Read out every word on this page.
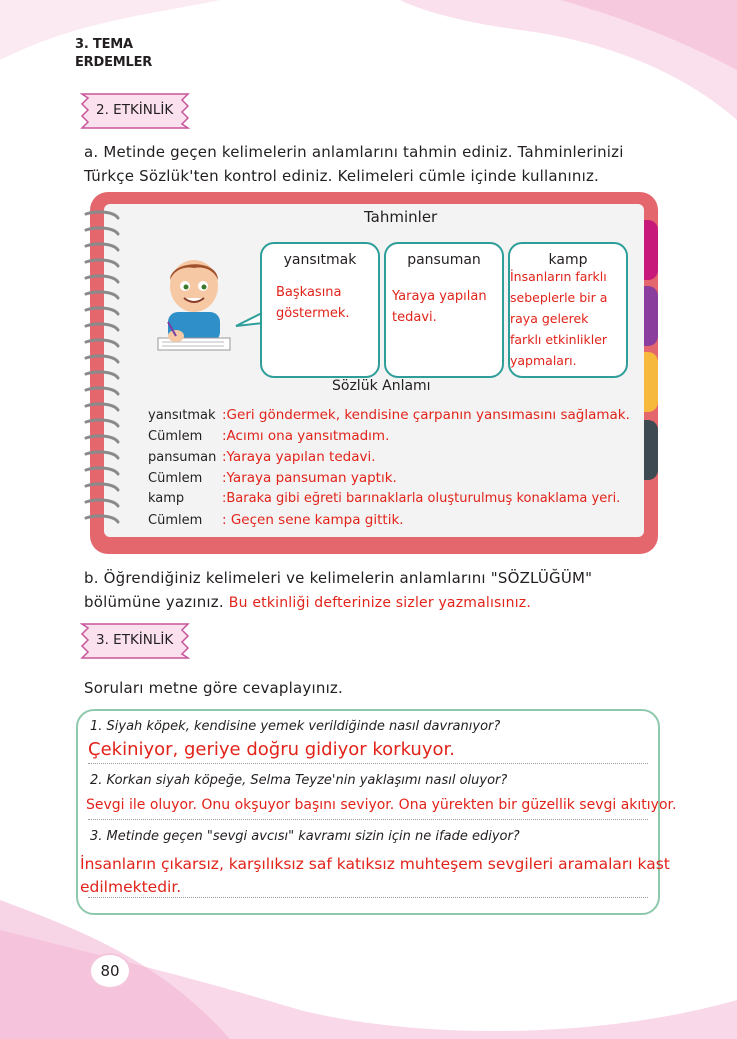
3. TEMA
ERDEMLER
2. ETKİNLİK
a. Metinde geçen kelimelerin anlamlarını tahmin ediniz. Tahminlerinizi
Türkçe Sözlük'ten kontrol ediniz. Kelimeleri cümle içinde kullanınız.
Tahminler
yansıtmak
Başkasına
göstermek.
pansuman
Yaraya yapılan
tedavi.
kamp
İnsanların farklı
sebeplerle bir a
raya gelerek
farklı etkinlikler
yapmaları.
Sözlük Anlamı
yansıtmak :Geri göndermek, kendisine çarpanın yansımasını sağlamak.
Cümlem :Acımı ona yansıtmadım.
pansuman :Yaraya yapılan tedavi.
Cümlem :Yaraya pansuman yaptık.
kamp	:Baraka gibi eğreti barınaklarla oluşturulmuş konaklama yeri.
Cümlem : Geçen sene kampa gittik.
b. Öğrendiğiniz kelimeleri ve kelimelerin anlamlarını "SÖZLÜĞÜM"
bölümüne yazınız. Bu etkinliği defterinize sizler yazmalısınız.
3. ETKİNLİK
Soruları metne göre cevaplayınız.
1. Siyah köpek, kendisine yemek verildiğinde nasıl davranıyor?
Çekiniyor, geriye doğru gidiyor korkuyor.
2. Korkan siyah köpeğe, Selma Teyze'nin yaklaşımı nasıl oluyor?
Sevgi ile oluyor. Onu okşuyor başını seviyor. Ona yürekten bir güzellik sevgi akıtıyor.
3. Metinde geçen "sevgi avcısı" kavramı sizin için ne ifade ediyor?
İnsanların çıkarsız, karşılıksız saf katıksız muhteşem sevgileri aramaları kast
edilmektedir.
80
